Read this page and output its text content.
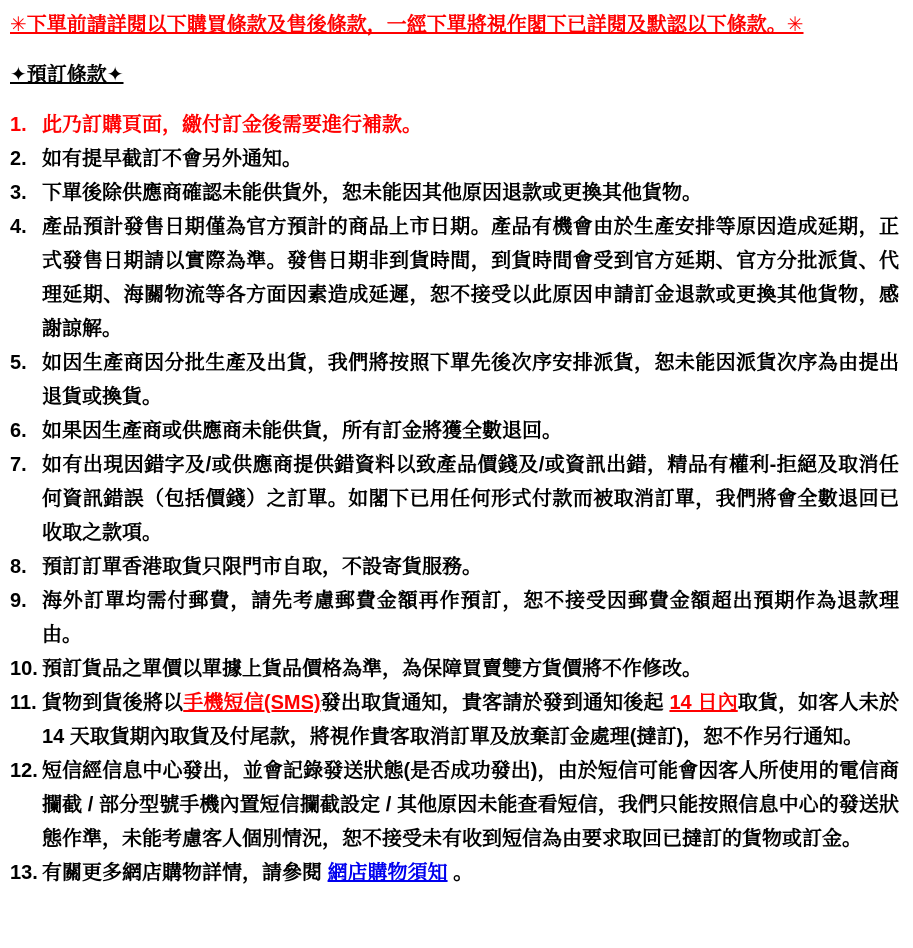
✳下單前請詳閱以下購買條款及售後條款，一經下單將視作閣下已詳閱及默認以下條款。✳
✦預訂條款✦
1. 此乃訂購頁面，繳付訂金後需要進行補款。
2. 如有提早截訂不會另外通知。
3. 下單後除供應商確認未能供貨外，恕未能因其他原因退款或更換其他貨物。
4. 產品預計發售日期僅為官方預計的商品上市日期。產品有機會由於生產安排等原因造成延期，正式發售日期請以實際為準。發售日期非到貨時間，到貨時間會受到官方延期、官方分批派貨、代理延期、海關物流等各方面因素造成延遲，恕不接受以此原因申請訂金退款或更換其他貨物，感謝諒解。
5. 如因生產商因分批生產及出貨，我們將按照下單先後次序安排派貨，恕未能因派貨次序為由提出退貨或換貨。
6. 如果因生產商或供應商未能供貨，所有訂金將獲全數退回。
7. 如有出現因錯字及/或供應商提供錯資料以致產品價錢及/或資訊出錯，精品有權利-拒絕及取消任何資訊錯誤（包括價錢）之訂單。如閣下已用任何形式付款而被取消訂單，我們將會全數退回已收取之款項。
8. 預訂訂單香港取貨只限門市自取，不設寄貨服務。
9. 海外訂單均需付郵費，請先考慮郵費金額再作預訂，恕不接受因郵費金額超出預期作為退款理由。
10. 預訂貨品之單價以單據上貨品價格為準，為保障買賣雙方貨價將不作修改。
11. 貨物到貨後將以手機短信(SMS)發出取貨通知，貴客請於發到通知後起 14 日內取貨，如客人未於 14 天取貨期內取貨及付尾款，將視作貴客取消訂單及放棄訂金處理(撻訂)，恕不作另行通知。
12. 短信經信息中心發出，並會記錄發送狀態(是否成功發出)，由於短信可能會因客人所使用的電信商攔截 / 部分型號手機內置短信攔截設定 / 其他原因未能查看短信，我們只能按照信息中心的發送狀態作準，未能考慮客人個別情況，恕不接受未有收到短信為由要求取回已撻訂的貨物或訂金。
13. 有關更多網店購物詳情，請參閱 網店購物須知 。
